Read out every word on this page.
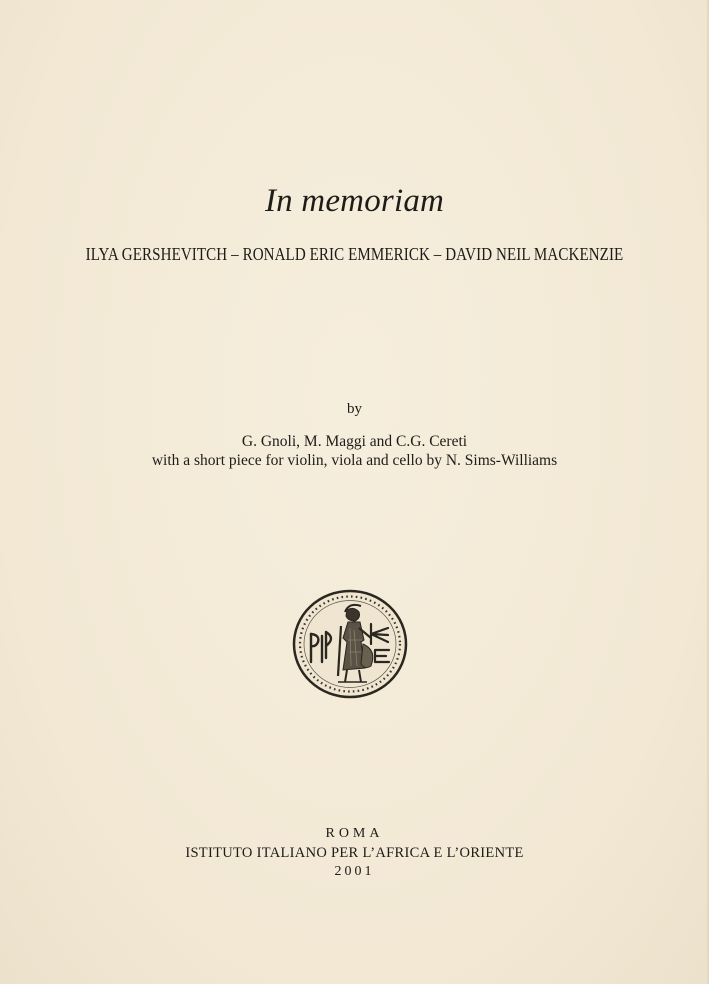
In memoriam
ILYA GERSHEVITCH – RONALD ERIC EMMERICK – DAVID NEIL MACKENZIE
by
G. Gnoli, M. Maggi and C.G. Cereti
with a short piece for violin, viola and cello by N. Sims-Williams
ROMA
ISTITUTO ITALIANO PER L’AFRICA E L’ORIENTE
2001
